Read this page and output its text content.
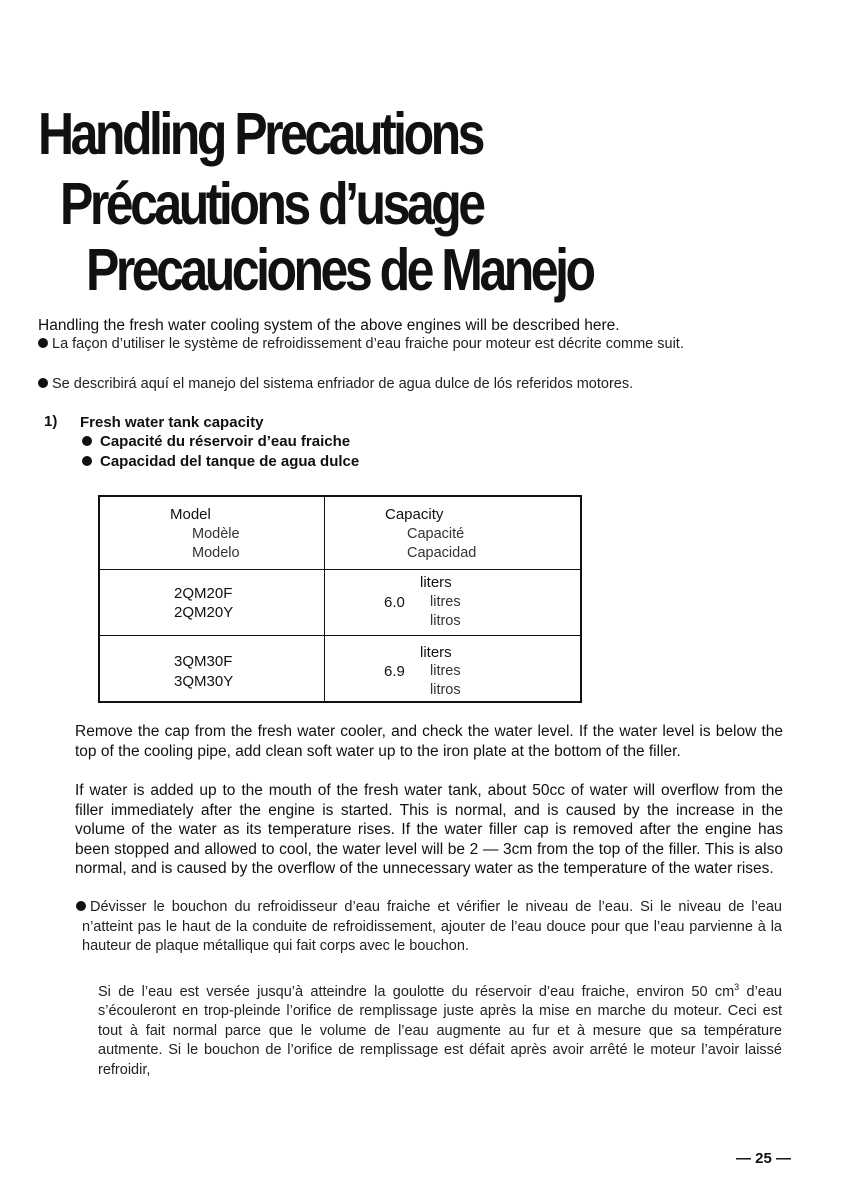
Handling Precautions
Précautions d’usage
Precauciones de Manejo

Handling the fresh water cooling system of the above engines will be described here.

La façon d’utiliser le système de refroidissement d’eau fraiche pour moteur est décrite comme suit.

Se describirá aquí el manejo del sistema enfriador de agua dulce de lós referidos motores.

1) Fresh water tank capacity

Capacité du réservoir d’eau fraiche

Capacidad del tanque de agua dulce

Model

Modèle

Modelo

Capacity

Capacité

Capacidad

2QM20F

2QM20Y

liters

6.0 litres

litros

3QM30F

3QM30Y

liters

6.9 litres

litros

Remove the cap from the fresh water cooler, and check the water level. If the water level is below the top of the cooling pipe, add clean soft water up to the iron plate at the bottom of the filler.

If water is added up to the mouth of the fresh water tank, about 50cc of water will overflow from the filler immediately after the engine is started. This is normal, and is caused by the increase in the volume of the water as its temperature rises. If the water filler cap is removed after the engine has been stopped and allowed to cool, the water level will be 2 — 3cm from the top of the filler. This is also normal, and is caused by the overflow of the unnecessary water as the temperature of the water rises.

Dévisser le bouchon du refroidisseur d’eau fraiche et vérifier le niveau de l’eau. Si le niveau de l’eau n’atteint pas le haut de la conduite de refroidissement, ajouter de l’eau douce pour que l’eau parvienne à la hauteur de plaque métallique qui fait corps avec le bouchon.

Si de l’eau est versée jusqu’à atteindre la goulotte du réservoir d’eau fraiche, environ 50 $cm^3$ d’eau s’écouleront en trop-pleinde l’orifice de remplissage juste après la mise en marche du moteur. Ceci est tout à fait normal parce que le volume de l’eau augmente au fur et à mesure que sa température autmente. Si le bouchon de l’orifice de remplissage est défait après avoir arrêté le moteur l’avoir laissé refroidir,

— 25 —
